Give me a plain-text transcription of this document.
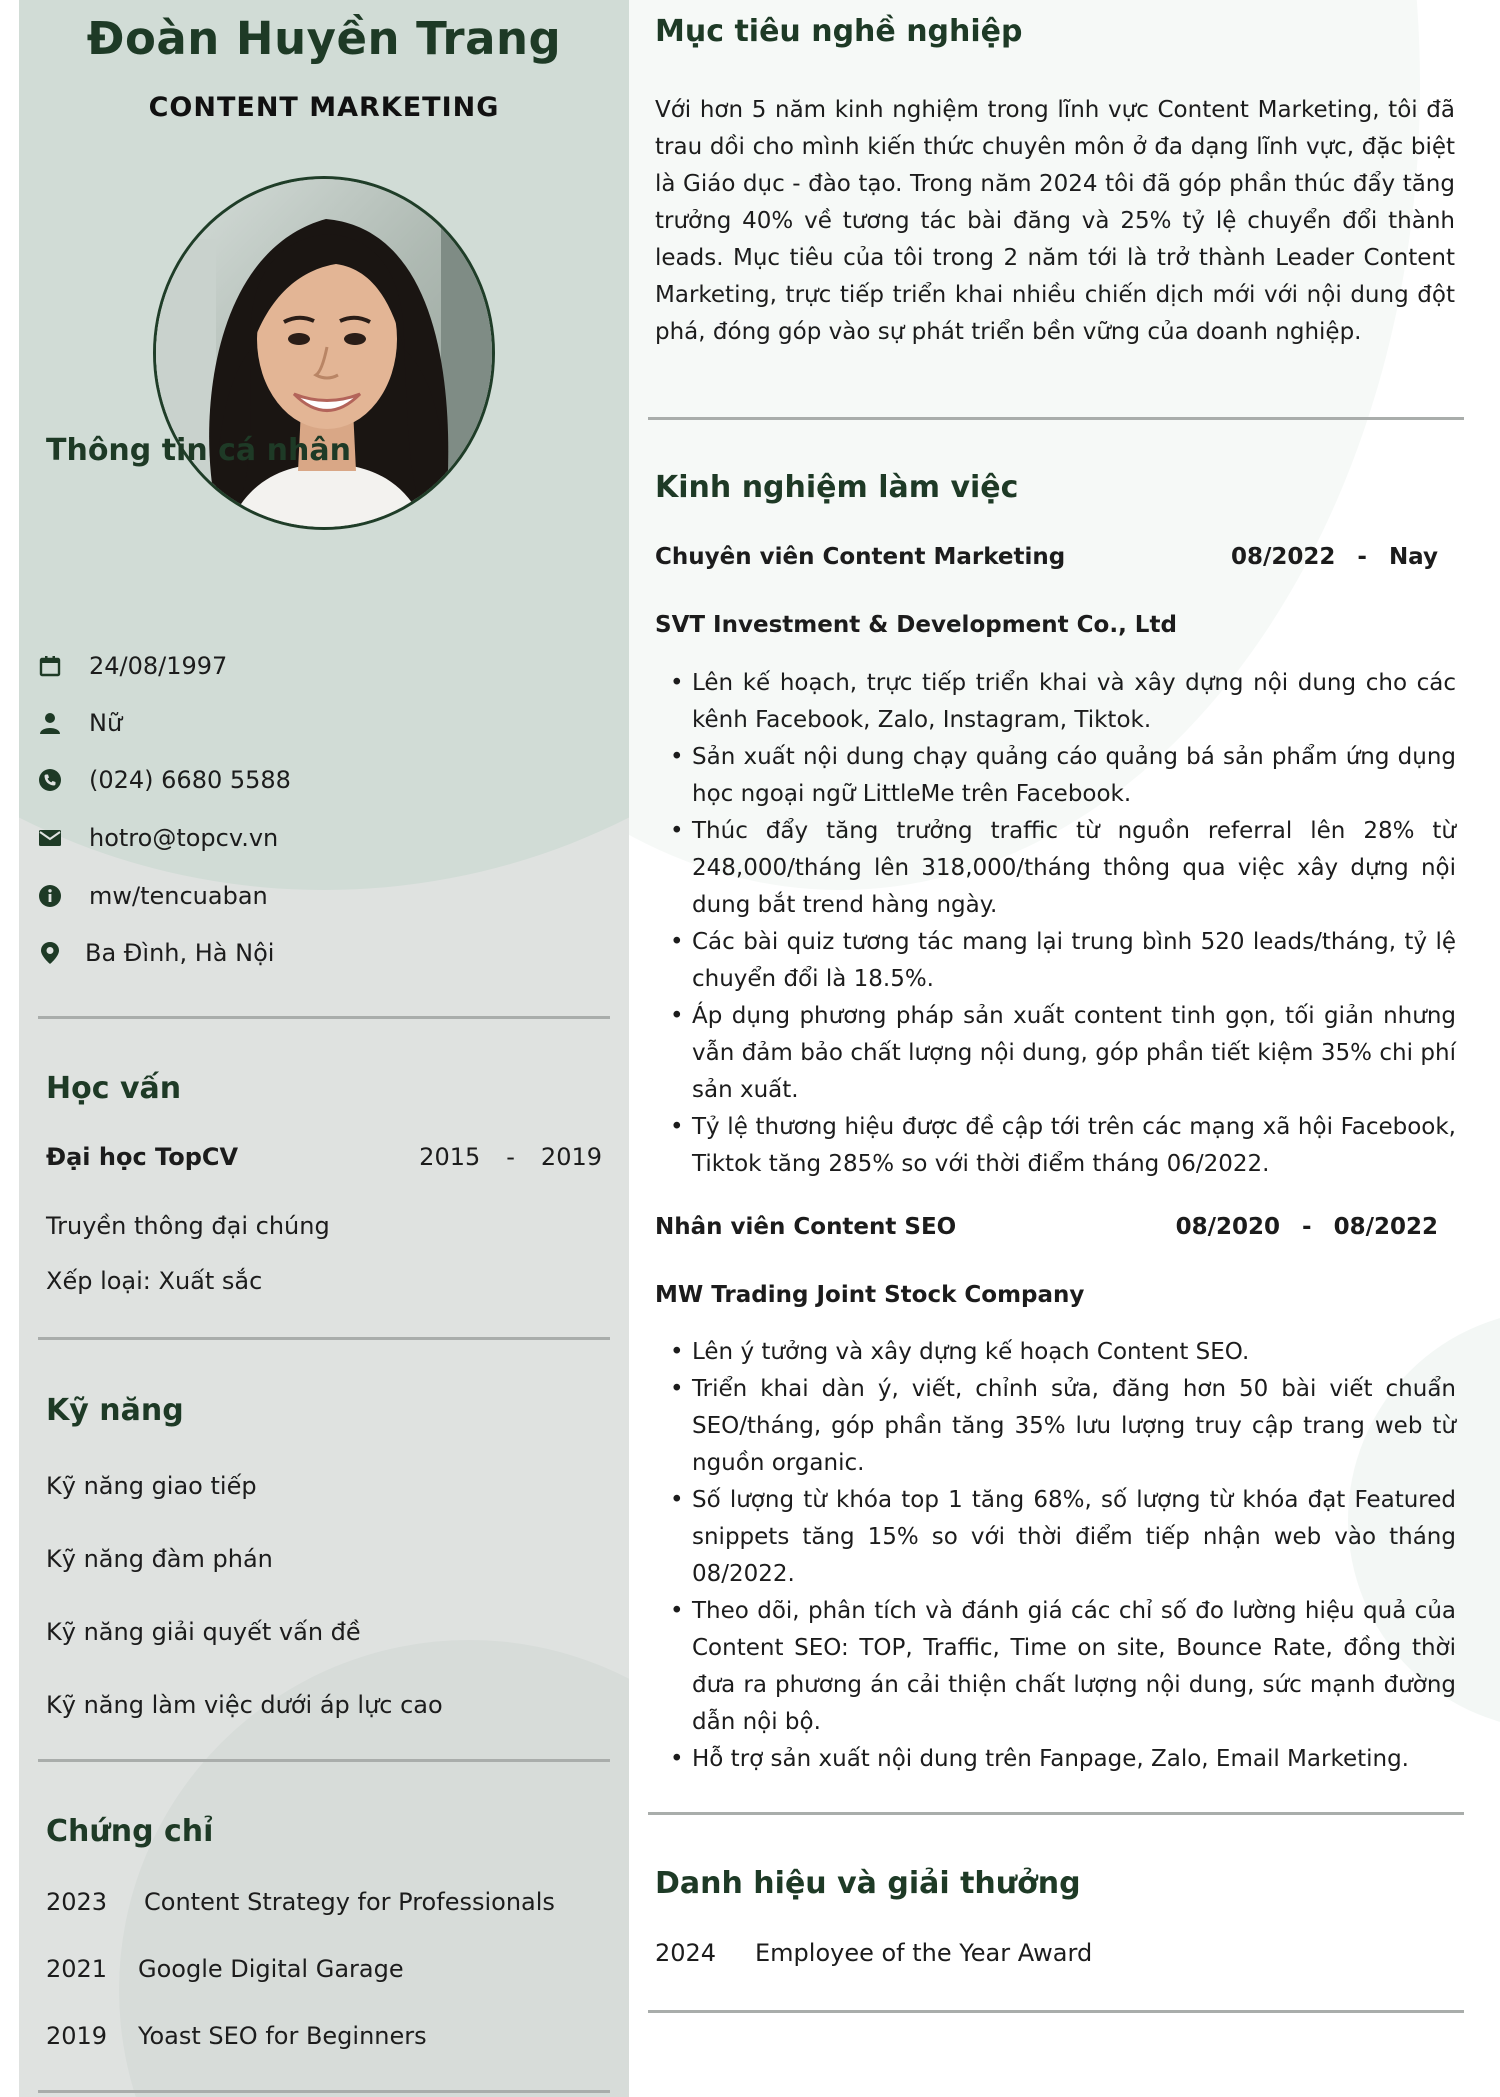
Đoàn Huyền Trang
CONTENT MARKETING
Thông tin cá nhân
24/08/1997
Nữ
(024) 6680 5588
hotro@topcv.vn
mw/tencuaban
Ba Đình, Hà Nội
Học vấn
Đại học TopCV	2015 - 2019
Truyền thông đại chúng
Xếp loại: Xuất sắc
Kỹ năng
Kỹ năng giao tiếp
Kỹ năng đàm phán
Kỹ năng giải quyết vấn đề
Kỹ năng làm việc dưới áp lực cao
Chứng chỉ
2023	Content Strategy for Professionals
2021	Google Digital Garage
2019	Yoast SEO for Beginners
Mục tiêu nghề nghiệp
Với hơn 5 năm kinh nghiệm trong lĩnh vực Content Marketing, tôi đã trau dồi cho mình kiến thức chuyên môn ở đa dạng lĩnh vực, đặc biệt là Giáo dục - đào tạo. Trong năm 2024 tôi đã góp phần thúc đẩy tăng trưởng 40% về tương tác bài đăng và 25% tỷ lệ chuyển đổi thành leads. Mục tiêu của tôi trong 2 năm tới là trở thành Leader Content Marketing, trực tiếp triển khai nhiều chiến dịch mới với nội dung đột phá, đóng góp vào sự phát triển bền vững của doanh nghiệp.
Kinh nghiệm làm việc
Chuyên viên Content Marketing	08/2022 - Nay
SVT Investment & Development Co., Ltd
• Lên kế hoạch, trực tiếp triển khai và xây dựng nội dung cho các kênh Facebook, Zalo, Instagram, Tiktok.
• Sản xuất nội dung chạy quảng cáo quảng bá sản phẩm ứng dụng học ngoại ngữ LittleMe trên Facebook.
• Thúc đẩy tăng trưởng traffic từ nguồn referral lên 28% từ 248,000/tháng lên 318,000/tháng thông qua việc xây dựng nội dung bắt trend hàng ngày.
• Các bài quiz tương tác mang lại trung bình 520 leads/tháng, tỷ lệ chuyển đổi là 18.5%.
• Áp dụng phương pháp sản xuất content tinh gọn, tối giản nhưng vẫn đảm bảo chất lượng nội dung, góp phần tiết kiệm 35% chi phí sản xuất.
• Tỷ lệ thương hiệu được đề cập tới trên các mạng xã hội Facebook, Tiktok tăng 285% so với thời điểm tháng 06/2022.
Nhân viên Content SEO	08/2020 - 08/2022
MW Trading Joint Stock Company
• Lên ý tưởng và xây dựng kế hoạch Content SEO.
• Triển khai dàn ý, viết, chỉnh sửa, đăng hơn 50 bài viết chuẩn SEO/tháng, góp phần tăng 35% lưu lượng truy cập trang web từ nguồn organic.
• Số lượng từ khóa top 1 tăng 68%, số lượng từ khóa đạt Featured snippets tăng 15% so với thời điểm tiếp nhận web vào tháng 08/2022.
• Theo dõi, phân tích và đánh giá các chỉ số đo lường hiệu quả của Content SEO: TOP, Traffic, Time on site, Bounce Rate, đồng thời đưa ra phương án cải thiện chất lượng nội dung, sức mạnh đường dẫn nội bộ.
• Hỗ trợ sản xuất nội dung trên Fanpage, Zalo, Email Marketing.
Danh hiệu và giải thưởng
2024	Employee of the Year Award
